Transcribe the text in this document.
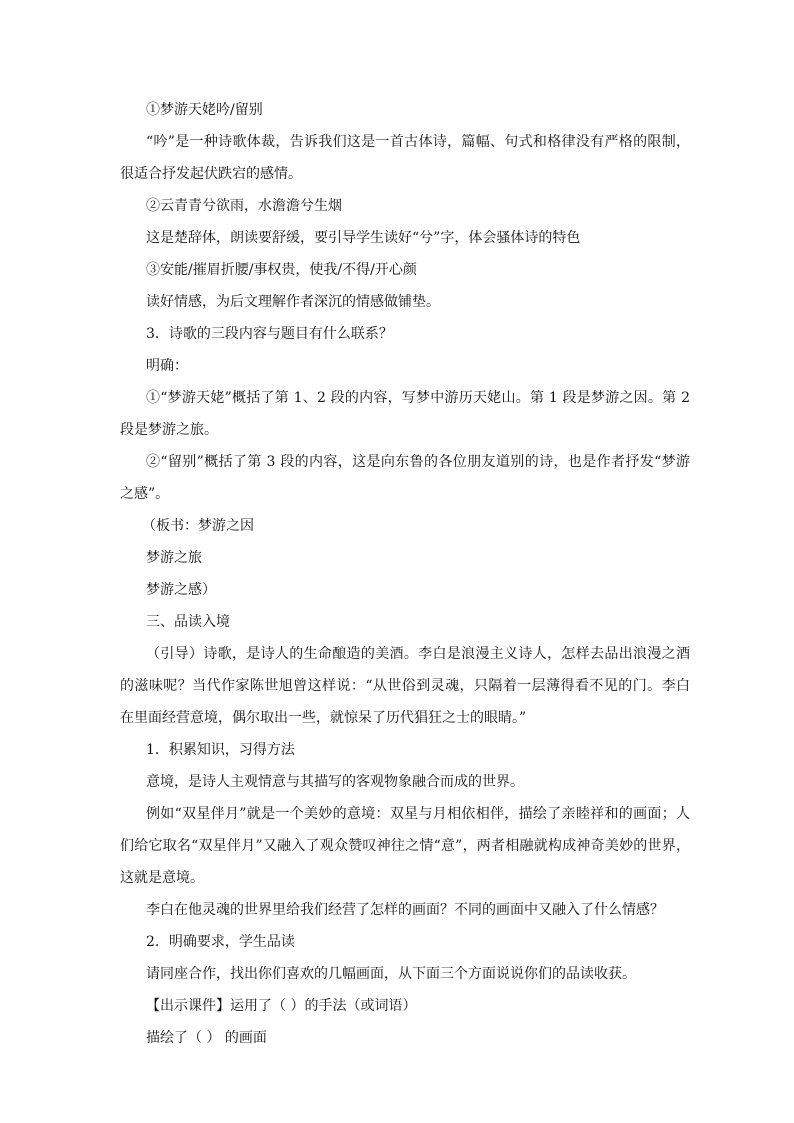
①梦游天姥吟/留别
“吟”是一种诗歌体裁，告诉我们这是一首古体诗，篇幅、句式和格律没有严格的限制，
很适合抒发起伏跌宕的感情。
②云青青兮欲雨，水澹澹兮生烟
这是楚辞体，朗读要舒缓，要引导学生读好“兮”字，体会骚体诗的特色
③安能/摧眉折腰/事权贵，使我/不得/开心颜
读好情感，为后文理解作者深沉的情感做铺垫。
3．诗歌的三段内容与题目有什么联系？
明确：
①“梦游天姥”概括了第 1、2 段的内容，写梦中游历天姥山。第 1 段是梦游之因。第 2
段是梦游之旅。
②“留别”概括了第 3 段的内容，这是向东鲁的各位朋友道别的诗，也是作者抒发“梦游
之感”。
（板书：梦游之因
梦游之旅
梦游之感）
三、品读入境
（引导）诗歌，是诗人的生命酿造的美酒。李白是浪漫主义诗人，怎样去品出浪漫之酒
的滋味呢？当代作家陈世旭曾这样说：“从世俗到灵魂，只隔着一层薄得看不见的门。李白
在里面经营意境，偶尔取出一些，就惊呆了历代猖狂之士的眼睛。”
1．积累知识，习得方法
意境，是诗人主观情意与其描写的客观物象融合而成的世界。
例如“双星伴月”就是一个美妙的意境：双星与月相依相伴，描绘了亲睦祥和的画面；人
们给它取名“双星伴月”又融入了观众赞叹神往之情“意”，两者相融就构成神奇美妙的世界，
这就是意境。
李白在他灵魂的世界里给我们经营了怎样的画面？不同的画面中又融入了什么情感？
2．明确要求，学生品读
请同座合作，找出你们喜欢的几幅画面，从下面三个方面说说你们的品读收获。
【出示课件】运用了（ ）的手法（或词语）
描绘了（ ） 的画面
